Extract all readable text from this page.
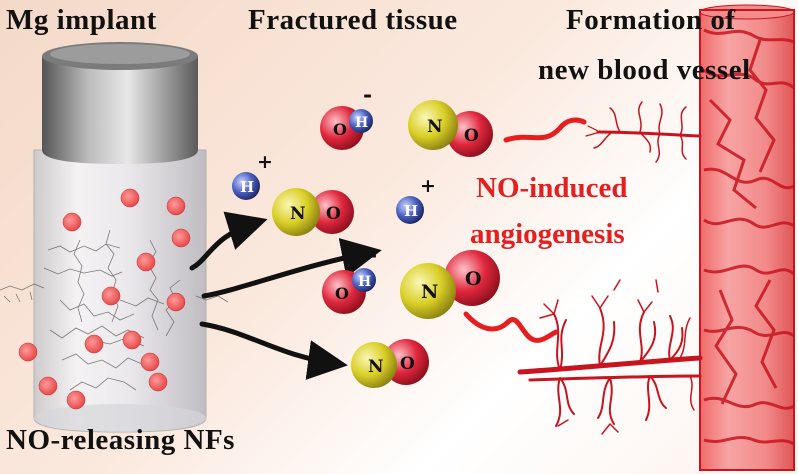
N O
N O
N
O
N O
O H
-
O
H
-
H
+
H
+
Mg implant	Fractured tissue	Formation of
new blood vessel
NO-induced
angiogenesis
NO-releasing NFs
